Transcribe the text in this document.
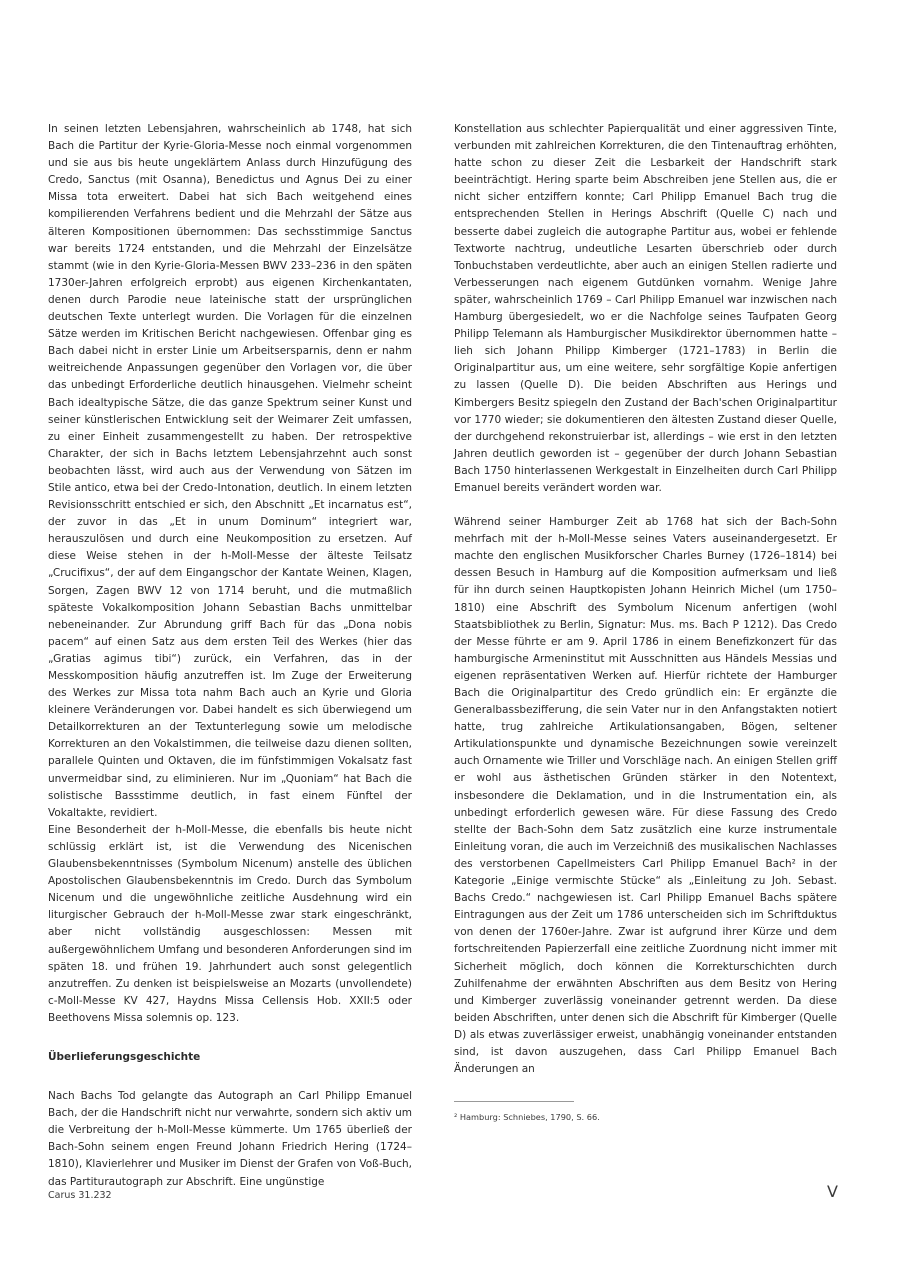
In seinen letzten Lebensjahren, wahrscheinlich ab 1748, hat sich Bach die Partitur der Kyrie-Gloria-Messe noch einmal vorgenommen und sie aus bis heute ungeklärtem Anlass durch Hinzufügung des Credo, Sanctus (mit Osanna), Benedictus und Agnus Dei zu einer Missa tota erweitert. Dabei hat sich Bach weitgehend eines kompilierenden Verfahrens bedient und die Mehrzahl der Sätze aus älteren Kompositionen übernommen: Das sechsstimmige Sanctus war bereits 1724 entstanden, und die Mehrzahl der Einzelsätze stammt (wie in den Kyrie-Gloria-Messen BWV 233–236 in den späten 1730er-Jahren erfolgreich erprobt) aus eigenen Kirchenkantaten, denen durch Parodie neue lateinische statt der ursprünglichen deutschen Texte unterlegt wurden. Die Vorlagen für die einzelnen Sätze werden im Kritischen Bericht nachgewiesen. Offenbar ging es Bach dabei nicht in erster Linie um Arbeitsersparnis, denn er nahm weitreichende Anpassungen gegenüber den Vorlagen vor, die über das unbedingt Erforderliche deutlich hinausgehen. Vielmehr scheint Bach idealtypische Sätze, die das ganze Spektrum seiner Kunst und seiner künstlerischen Entwicklung seit der Weimarer Zeit umfassen, zu einer Einheit zusammengestellt zu haben. Der retrospektive Charakter, der sich in Bachs letztem Lebensjahrzehnt auch sonst beobachten lässt, wird auch aus der Verwendung von Sätzen im Stile antico, etwa bei der Credo-Intonation, deutlich. In einem letzten Revisionsschritt entschied er sich, den Abschnitt „Et incarnatus est“, der zuvor in das „Et in unum Dominum“ integriert war, herauszulösen und durch eine Neukomposition zu ersetzen. Auf diese Weise stehen in der h-Moll-Messe der älteste Teilsatz „Crucifixus“, der auf dem Eingangschor der Kantate Weinen, Klagen, Sorgen, Zagen BWV 12 von 1714 beruht, und die mutmaßlich späteste Vokalkomposition Johann Sebastian Bachs unmittelbar nebeneinander. Zur Abrundung griff Bach für das „Dona nobis pacem“ auf einen Satz aus dem ersten Teil des Werkes (hier das „Gratias agimus tibi“) zurück, ein Verfahren, das in der Messkomposition häufig anzutreffen ist. Im Zuge der Erweiterung des Werkes zur Missa tota nahm Bach auch an Kyrie und Gloria kleinere Veränderungen vor. Dabei handelt es sich überwiegend um Detailkorrekturen an der Textunterlegung sowie um melodische Korrekturen an den Vokalstimmen, die teilweise dazu dienen sollten, parallele Quinten und Oktaven, die im fünfstimmigen Vokalsatz fast unvermeidbar sind, zu eliminieren. Nur im „Quoniam“ hat Bach die solistische Bassstimme deutlich, in fast einem Fünftel der Vokaltakte, revidiert.

Eine Besonderheit der h-Moll-Messe, die ebenfalls bis heute nicht schlüssig erklärt ist, ist die Verwendung des Nicenischen Glaubensbekenntnisses (Symbolum Nicenum) anstelle des üblichen Apostolischen Glaubensbekenntnis im Credo. Durch das Symbolum Nicenum und die ungewöhnliche zeitliche Ausdehnung wird ein liturgischer Gebrauch der h-Moll-Messe zwar stark eingeschränkt, aber nicht vollständig ausgeschlossen: Messen mit außergewöhnlichem Umfang und besonderen Anforderungen sind im späten 18. und frühen 19. Jahrhundert auch sonst gelegentlich anzutreffen. Zu denken ist beispielsweise an Mozarts (unvollendete) c-Moll-Messe KV 427, Haydns Missa Cellensis Hob. XXII:5 oder Beethovens Missa solemnis op. 123.

Überlieferungsgeschichte

Nach Bachs Tod gelangte das Autograph an Carl Philipp Emanuel Bach, der die Handschrift nicht nur verwahrte, sondern sich aktiv um die Verbreitung der h-Moll-Messe kümmerte. Um 1765 überließ der Bach-Sohn seinem engen Freund Johann Friedrich Hering (1724–1810), Klavierlehrer und Musiker im Dienst der Grafen von Voß-Buch, das Partiturautograph zur Abschrift. Eine ungünstige

Konstellation aus schlechter Papierqualität und einer aggressiven Tinte, verbunden mit zahlreichen Korrekturen, die den Tintenauftrag erhöhten, hatte schon zu dieser Zeit die Lesbarkeit der Handschrift stark beeinträchtigt. Hering sparte beim Abschreiben jene Stellen aus, die er nicht sicher entziffern konnte; Carl Philipp Emanuel Bach trug die entsprechenden Stellen in Herings Abschrift (Quelle C) nach und besserte dabei zugleich die autographe Partitur aus, wobei er fehlende Textworte nachtrug, undeutliche Lesarten überschrieb oder durch Tonbuchstaben verdeutlichte, aber auch an einigen Stellen radierte und Verbesserungen nach eigenem Gutdünken vornahm. Wenige Jahre später, wahrscheinlich 1769 – Carl Philipp Emanuel war inzwischen nach Hamburg übergesiedelt, wo er die Nachfolge seines Taufpaten Georg Philipp Telemann als Hamburgischer Musikdirektor übernommen hatte – lieh sich Johann Philipp Kimberger (1721–1783) in Berlin die Originalpartitur aus, um eine weitere, sehr sorgfältige Kopie anfertigen zu lassen (Quelle D). Die beiden Abschriften aus Herings und Kimbergers Besitz spiegeln den Zustand der Bach'schen Originalpartitur vor 1770 wieder; sie dokumentieren den ältesten Zustand dieser Quelle, der durchgehend rekonstruierbar ist, allerdings – wie erst in den letzten Jahren deutlich geworden ist – gegenüber der durch Johann Sebastian Bach 1750 hinterlassenen Werkgestalt in Einzelheiten durch Carl Philipp Emanuel bereits verändert worden war.

Während seiner Hamburger Zeit ab 1768 hat sich der Bach-Sohn mehrfach mit der h-Moll-Messe seines Vaters auseinandergesetzt. Er machte den englischen Musikforscher Charles Burney (1726–1814) bei dessen Besuch in Hamburg auf die Komposition aufmerksam und ließ für ihn durch seinen Hauptkopisten Johann Heinrich Michel (um 1750–1810) eine Abschrift des Symbolum Nicenum anfertigen (wohl Staatsbibliothek zu Berlin, Signatur: Mus. ms. Bach P 1212). Das Credo der Messe führte er am 9. April 1786 in einem Benefizkonzert für das hamburgische Armeninstitut mit Ausschnitten aus Händels Messias und eigenen repräsentativen Werken auf. Hierfür richtete der Hamburger Bach die Originalpartitur des Credo gründlich ein: Er ergänzte die Generalbassbezifferung, die sein Vater nur in den Anfangstakten notiert hatte, trug zahlreiche Artikulationsangaben, Bögen, seltener Artikulationspunkte und dynamische Bezeichnungen sowie vereinzelt auch Ornamente wie Triller und Vorschläge nach. An einigen Stellen griff er wohl aus ästhetischen Gründen stärker in den Notentext, insbesondere die Deklamation, und in die Instrumentation ein, als unbedingt erforderlich gewesen wäre. Für diese Fassung des Credo stellte der Bach-Sohn dem Satz zusätzlich eine kurze instrumentale Einleitung voran, die auch im Verzeichniß des musikalischen Nachlasses des verstorbenen Capellmeisters Carl Philipp Emanuel Bach² in der Kategorie „Einige vermischte Stücke“ als „Einleitung zu Joh. Sebast. Bachs Credo.“ nachgewiesen ist. Carl Philipp Emanuel Bachs spätere Eintragungen aus der Zeit um 1786 unterscheiden sich im Schriftduktus von denen der 1760er-Jahre. Zwar ist aufgrund ihrer Kürze und dem fortschreitenden Papierzerfall eine zeitliche Zuordnung nicht immer mit Sicherheit möglich, doch können die Korrekturschichten durch Zuhilfenahme der erwähnten Abschriften aus dem Besitz von Hering und Kimberger zuverlässig voneinander getrennt werden. Da diese beiden Abschriften, unter denen sich die Abschrift für Kimberger (Quelle D) als etwas zuverlässiger erweist, unabhängig voneinander entstanden sind, ist davon auszugehen, dass Carl Philipp Emanuel Bach Änderungen an

² Hamburg: Schniebes, 1790, S. 66.
Carus 31.232	V
